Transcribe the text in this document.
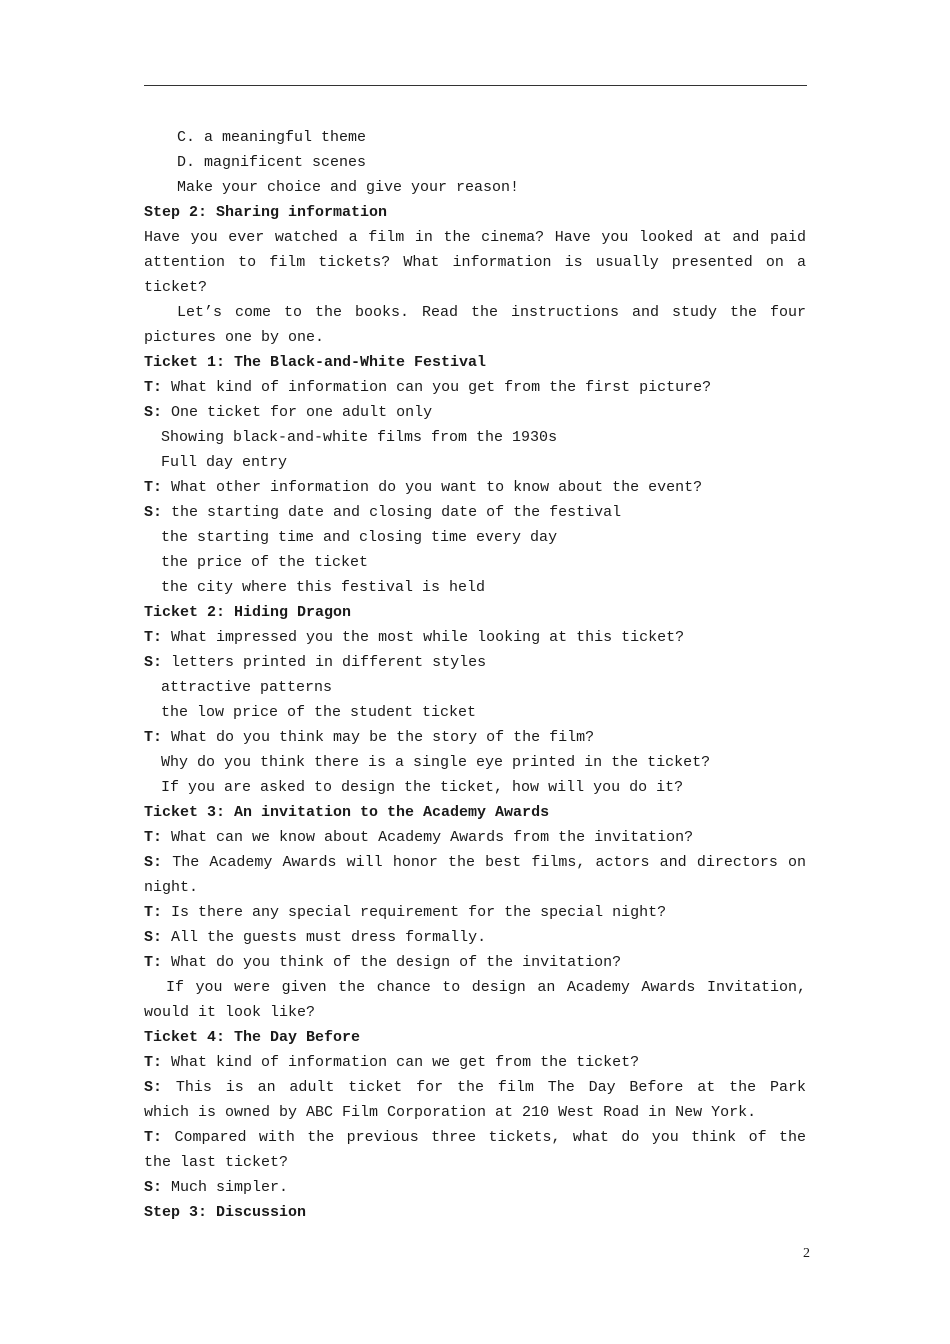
C. a meaningful theme
D. magnificent scenes
Make your choice and give your reason!
Step 2: Sharing information
Have you ever watched a film in the cinema? Have you looked at and paid
attention to film tickets? What information is usually presented on a
ticket?
Let’s come to the books. Read the instructions and study the four
pictures one by one.
Ticket 1: The Black-and-White Festival
T: What kind of information can you get from the first picture?
S: One ticket for one adult only
Showing black-and-white films from the 1930s
Full day entry
T: What other information do you want to know about the event?
S: the starting date and closing date of the festival
the starting time and closing time every day
the price of the ticket
the city where this festival is held
Ticket 2: Hiding Dragon
T: What impressed you the most while looking at this ticket?
S: letters printed in different styles
attractive patterns
the low price of the student ticket
T: What do you think may be the story of the film?
Why do you think there is a single eye printed in the ticket?
If you are asked to design the ticket, how will you do it?
Ticket 3: An invitation to the Academy Awards
T: What can we know about Academy Awards from the invitation?
S: The Academy Awards will honor the best films, actors and directors on
night.
T: Is there any special requirement for the special night?
S: All the guests must dress formally.
T: What do you think of the design of the invitation?
If you were given the chance to design an Academy Awards Invitation,
would it look like?
Ticket 4: The Day Before
T: What kind of information can we get from the ticket?
S: This is an adult ticket for the film The Day Before at the Park
which is owned by ABC Film Corporation at 210 West Road in New York.
T: Compared with the previous three tickets, what do you think of the
the last ticket?
S: Much simpler.
Step 3: Discussion
2
